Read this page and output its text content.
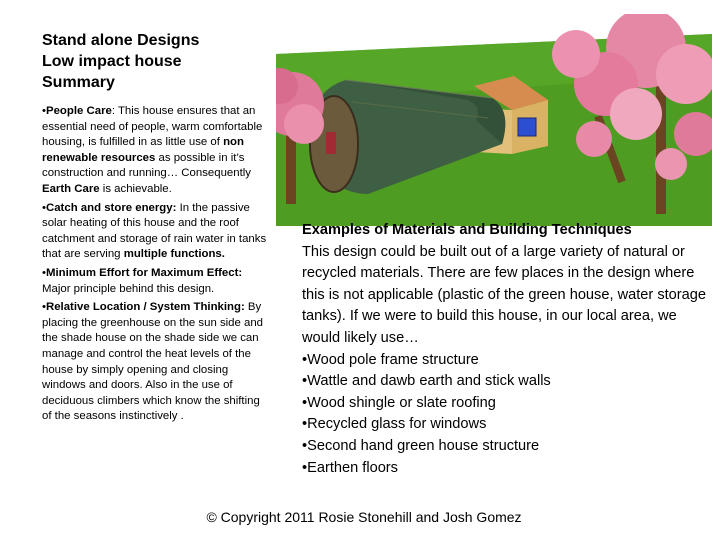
Stand alone Designs
Low impact house
Summary

•People Care: This house ensures that an essential need of people, warm comfortable housing, is fulfilled in as little use of non renewable resources as possible in it’s construction and running… Consequently Earth Care is achievable.

•Catch and store energy: In the passive solar heating of this house and the roof catchment and storage of rain water in tanks that are serving multiple functions.

•Minimum Effort for Maximum Effect: Major principle behind this design.

•Relative Location / System Thinking: By placing the greenhouse on the sun side and the shade house on the shade side we can manage and control the heat levels of the house by simply opening and closing windows and doors. Also in the use of deciduous climbers which know the shifting of the seasons instinctively .

Examples of Materials and Building Techniques
This design could be built out of a large variety of natural or recycled materials. There are few places in the design where this is not applicable (plastic of the green house, water storage tanks). If we were to build this house, in our local area, we would likely use…
•Wood pole frame structure
•Wattle and dawb earth and stick walls
•Wood shingle or slate roofing
•Recycled glass for windows
•Second hand green house structure
•Earthen floors
© Copyright 2011 Rosie Stonehill and Josh Gomez
